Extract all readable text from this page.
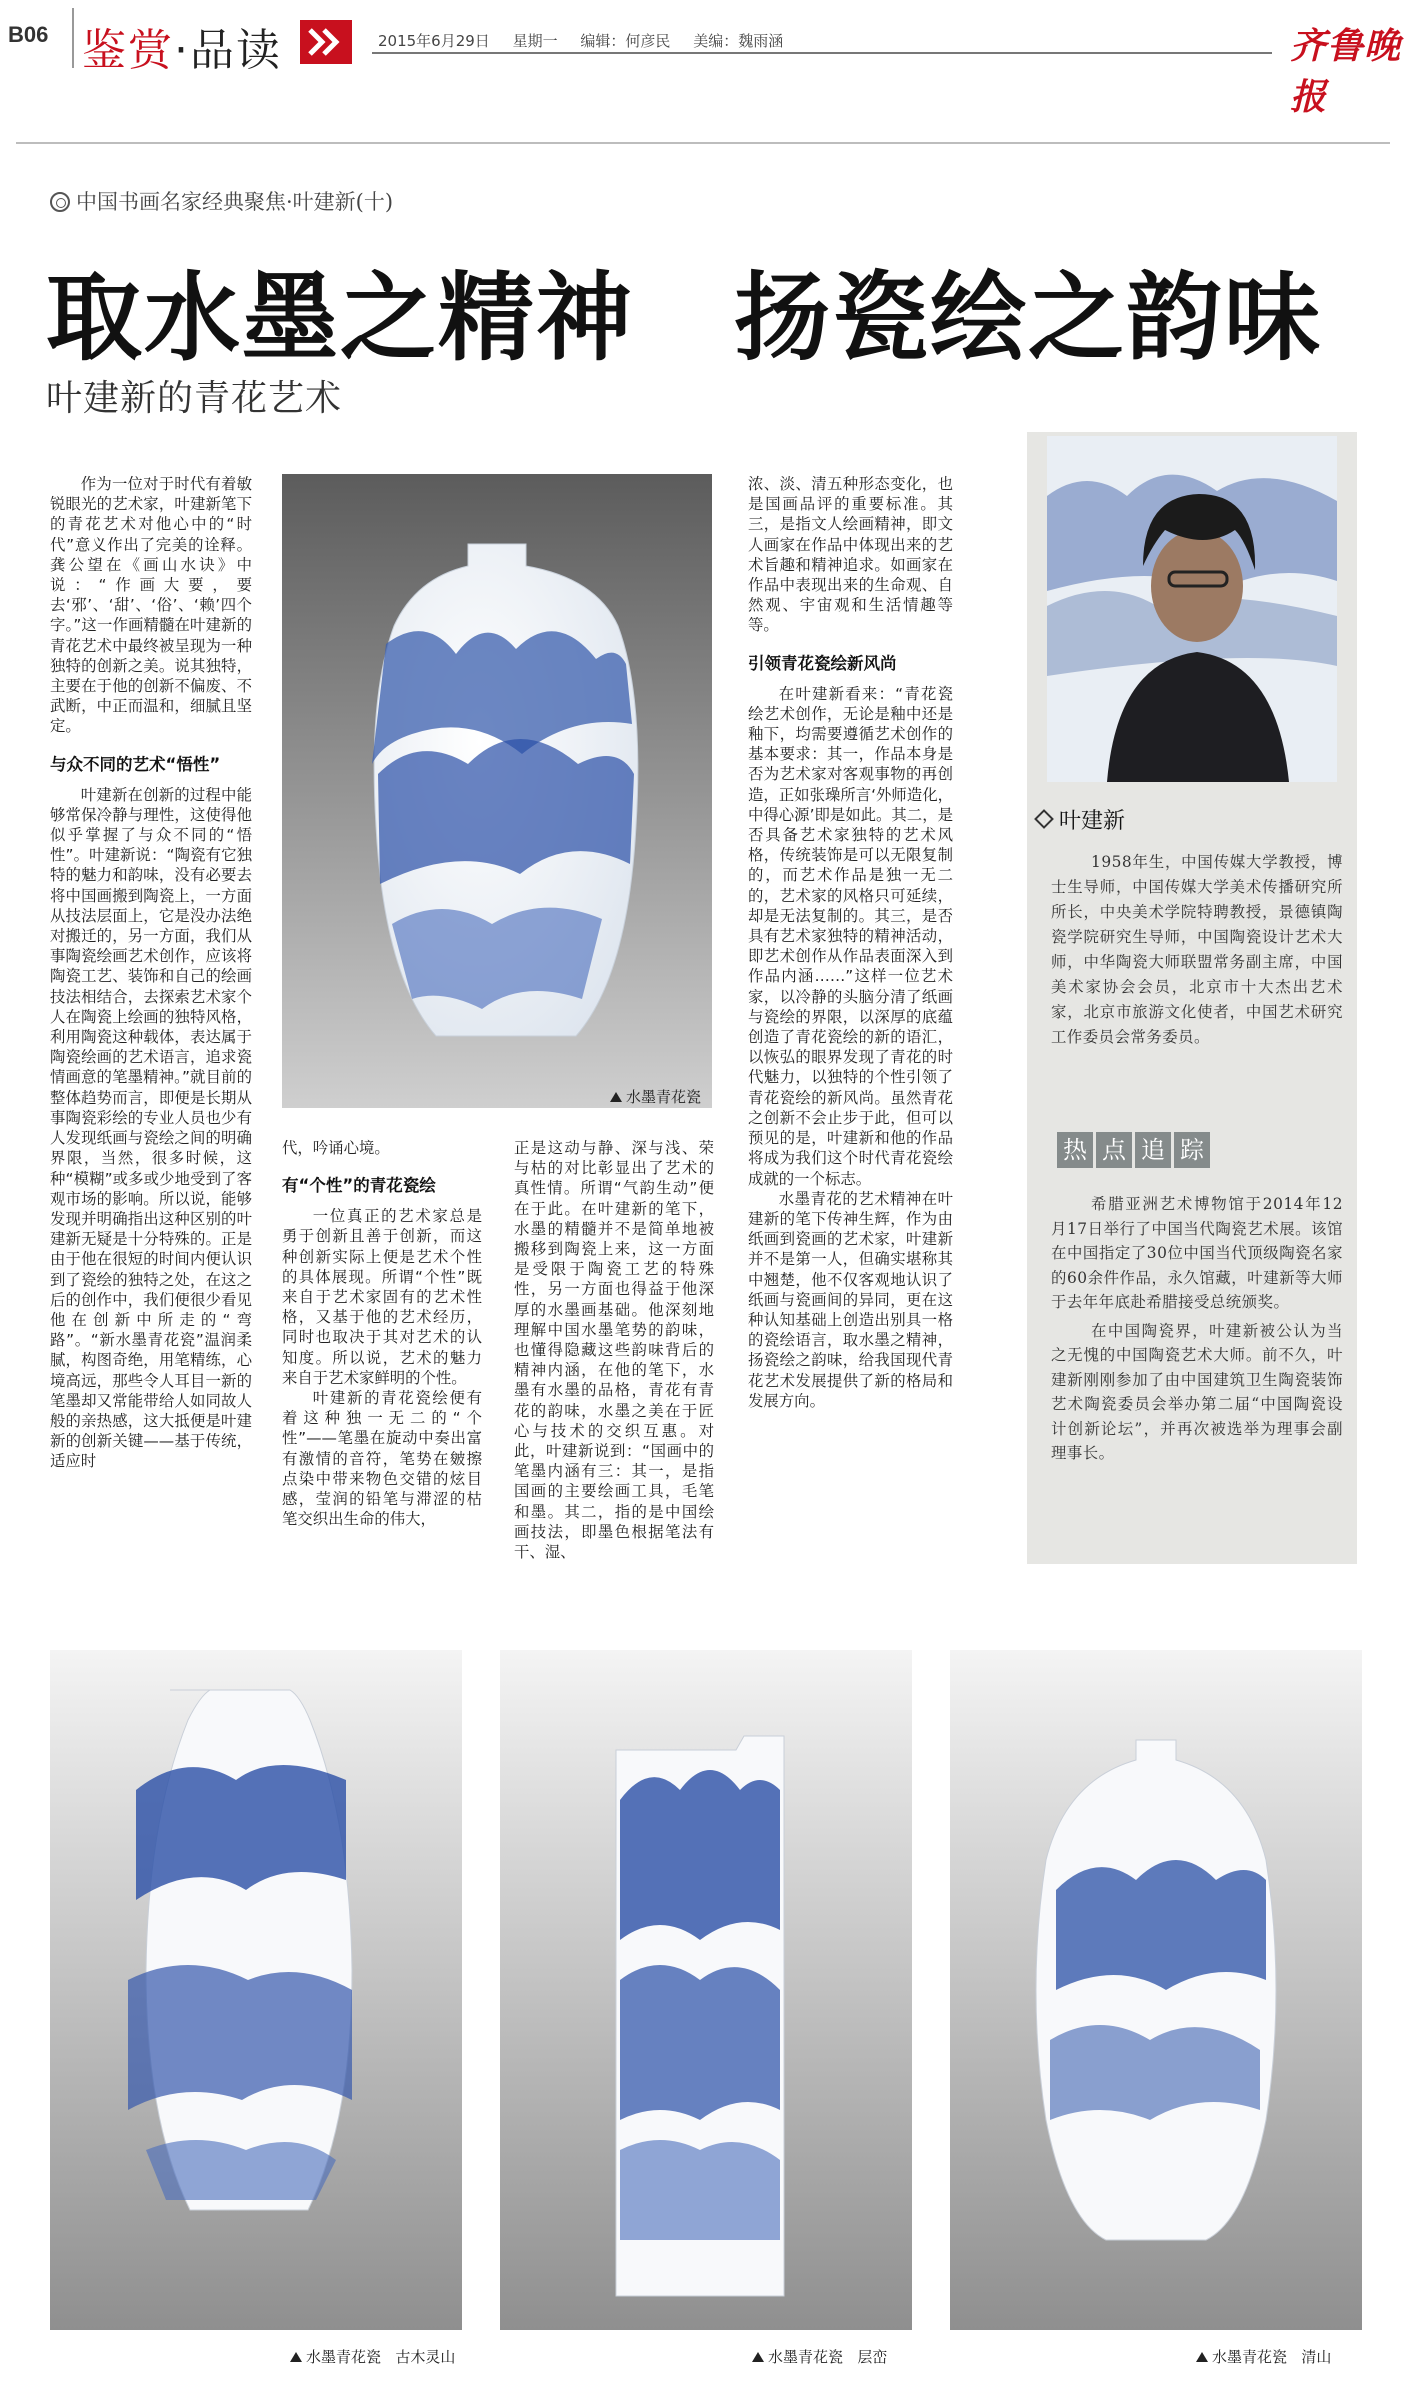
B06 鉴赏·品读	2015年6月29日 星期一 编辑：何彦民 美编：魏雨涵	齐鲁晚报
中国书画名家经典聚焦·叶建新(十)
取水墨之精神 扬瓷绘之韵味
叶建新的青花艺术

作为一位对于时代有着敏锐眼光的艺术家，叶建新笔下的青花艺术对他心中的“时代”意义作出了完美的诠释。龚公望在《画山水诀》中说：“作画大要，要去‘邪’、‘甜’、‘俗’、‘赖’四个字。”这一作画精髓在叶建新的青花艺术中最终被呈现为一种独特的创新之美。说其独特，主要在于他的创新不偏废、不武断，中正而温和，细腻且坚定。

与众不同的艺术“悟性”

叶建新在创新的过程中能够常保冷静与理性，这使得他似乎掌握了与众不同的“悟性”。叶建新说：“陶瓷有它独特的魅力和韵味，没有必要去将中国画搬到陶瓷上，一方面从技法层面上，它是没办法绝对搬迁的，另一方面，我们从事陶瓷绘画艺术创作，应该将陶瓷工艺、装饰和自己的绘画技法相结合，去探索艺术家个人在陶瓷上绘画的独特风格，利用陶瓷这种载体，表达属于陶瓷绘画的艺术语言，追求瓷情画意的笔墨精神。”就目前的整体趋势而言，即便是长期从事陶瓷彩绘的专业人员也少有人发现纸画与瓷绘之间的明确界限，当然，很多时候，这种“模糊”或多或少地受到了客观市场的影响。所以说，能够发现并明确指出这种区别的叶建新无疑是十分特殊的。正是由于他在很短的时间内便认识到了瓷绘的独特之处，在这之后的创作中，我们便很少看见他在创新中所走的“弯路”。“新水墨青花瓷”温润柔腻，构图奇绝，用笔精练，心境高远，那些令人耳目一新的笔墨却又常能带给人如同故人般的亲热感，这大抵便是叶建新的创新关键——基于传统，适应时

水墨青花瓷

代，吟诵心境。

有“个性”的青花瓷绘

一位真正的艺术家总是勇于创新且善于创新，而这种创新实际上便是艺术个性的具体展现。所谓“个性”既来自于艺术家固有的艺术性格，又基于他的艺术经历，同时也取决于其对艺术的认知度。所以说，艺术的魅力来自于艺术家鲜明的个性。

叶建新的青花瓷绘便有着这种独一无二的“个性”——笔墨在旋动中奏出富有激情的音符，笔势在皴擦点染中带来物色交错的炫目感，莹润的铅笔与滞涩的枯笔交织出生命的伟大，

正是这动与静、深与浅、荣与枯的对比彰显出了艺术的真性情。所谓“气韵生动”便在于此。在叶建新的笔下，水墨的精髓并不是简单地被搬移到陶瓷上来，这一方面是受限于陶瓷工艺的特殊性，另一方面也得益于他深厚的水墨画基础。他深刻地理解中国水墨笔势的韵味，也懂得隐藏这些韵味背后的精神内涵，在他的笔下，水墨有水墨的品格，青花有青花的韵味，水墨之美在于匠心与技术的交织互惠。对此，叶建新说到：“国画中的笔墨内涵有三：其一，是指国画的主要绘画工具，毛笔和墨。其二，指的是中国绘画技法，即墨色根据笔法有干、湿、

浓、淡、清五种形态变化，也是国画品评的重要标准。其三，是指文人绘画精神，即文人画家在作品中体现出来的艺术旨趣和精神追求。如画家在作品中表现出来的生命观、自然观、宇宙观和生活情趣等等。

引领青花瓷绘新风尚

在叶建新看来：“青花瓷绘艺术创作，无论是釉中还是釉下，均需要遵循艺术创作的基本要求：其一，作品本身是否为艺术家对客观事物的再创造，正如张璪所言‘外师造化，中得心源’即是如此。其二，是否具备艺术家独特的艺术风格，传统装饰是可以无限复制的，而艺术作品是独一无二的，艺术家的风格只可延续，却是无法复制的。其三，是否具有艺术家独特的精神活动，即艺术创作从作品表面深入到作品内涵……”这样一位艺术家，以冷静的头脑分清了纸画与瓷绘的界限，以深厚的底蕴创造了青花瓷绘的新的语汇，以恢弘的眼界发现了青花的时代魅力，以独特的个性引领了青花瓷绘的新风尚。虽然青花之创新不会止步于此，但可以预见的是，叶建新和他的作品将成为我们这个时代青花瓷绘成就的一个标志。

水墨青花的艺术精神在叶建新的笔下传神生辉，作为由纸画到瓷画的艺术家，叶建新并不是第一人，但确实堪称其中翘楚，他不仅客观地认识了纸画与瓷画间的异同，更在这种认知基础上创造出别具一格的瓷绘语言，取水墨之精神，扬瓷绘之韵味，给我国现代青花艺术发展提供了新的格局和发展方向。

叶建新
1958年生，中国传媒大学教授，博士生导师，中国传媒大学美术传播研究所所长，中央美术学院特聘教授，景德镇陶瓷学院研究生导师，中国陶瓷设计艺术大师，中华陶瓷大师联盟常务副主席，中国美术家协会会员，北京市十大杰出艺术家，北京市旅游文化使者，中国艺术研究工作委员会常务委员。
热 点 追 踪

希腊亚洲艺术博物馆于2014年12月17日举行了中国当代陶瓷艺术展。该馆在中国指定了30位中国当代顶级陶瓷名家的60余件作品，永久馆藏，叶建新等大师于去年年底赴希腊接受总统颁奖。

在中国陶瓷界，叶建新被公认为当之无愧的中国陶瓷艺术大师。前不久，叶建新刚刚参加了由中国建筑卫生陶瓷装饰艺术陶瓷委员会举办第二届“中国陶瓷设计创新论坛”，并再次被选举为理事会副理事长。

水墨青花瓷 古木灵山	水墨青花瓷 层峦	水墨青花瓷 清山
